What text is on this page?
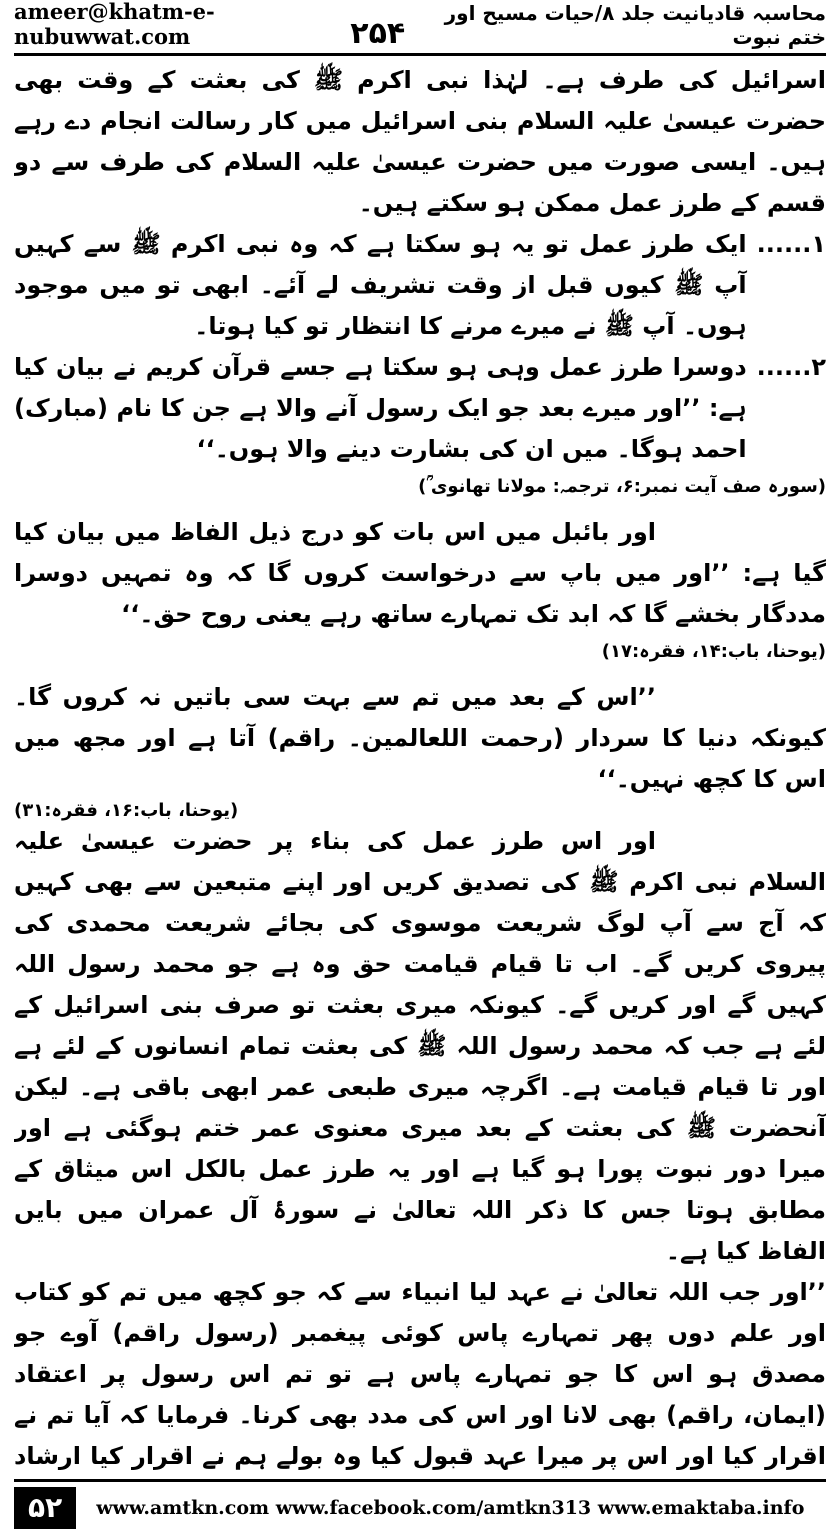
ameer@khatm-e-nubuwwat.com	۲۵۴
محاسبہ قادیانیت جلد ۸/حیات مسیح اور ختم نبوت

اسرائیل کی طرف ہے۔ لہٰذا نبی اکرم ﷺ کی بعثت کے وقت بھی حضرت عیسیٰ علیہ السلام بنی اسرائیل میں کار رسالت انجام دے رہے ہیں۔ ایسی صورت میں حضرت عیسیٰ علیہ السلام کی طرف سے دو قسم کے طرز عمل ممکن ہو سکتے ہیں۔

۱......

ایک طرز عمل تو یہ ہو سکتا ہے کہ وہ نبی اکرم ﷺ سے کہیں آپ ﷺ کیوں قبل از وقت تشریف لے آئے۔ ابھی تو میں موجود ہوں۔ آپ ﷺ نے میرے مرنے کا انتظار تو کیا ہوتا۔

۲......

دوسرا طرز عمل وہی ہو سکتا ہے جسے قرآن کریم نے بیان کیا ہے: ’’اور میرے بعد جو ایک رسول آنے والا ہے جن کا نام (مبارک) احمد ہوگا۔ میں ان کی بشارت دینے والا ہوں۔‘‘

(سورہ صف آیت نمبر:۶، ترجمہ: مولانا تھانوی ؒ)

اور بائبل میں اس بات کو درج ذیل الفاظ میں بیان کیا گیا ہے: ’’اور میں باپ سے درخواست کروں گا کہ وہ تمہیں دوسرا مددگار بخشے گا کہ ابد تک تمہارے ساتھ رہے یعنی روح حق۔‘‘

(یوحنا، باب:۱۴، فقرہ:۱۷)

’’اس کے بعد میں تم سے بہت سی باتیں نہ کروں گا۔ کیونکہ دنیا کا سردار (رحمت اللعالمین۔ راقم) آتا ہے اور مجھ میں اس کا کچھ نہیں۔‘‘

(یوحنا، باب:۱۶، فقرہ:۳۱)

اور اس طرز عمل کی بناء پر حضرت عیسیٰ علیہ السلام نبی اکرم ﷺ کی تصدیق کریں اور اپنے متبعین سے بھی کہیں کہ آج سے آپ لوگ شریعت موسوی کی بجائے شریعت محمدی کی پیروی کریں گے۔ اب تا قیام قیامت حق وہ ہے جو محمد رسول اللہ کہیں گے اور کریں گے۔ کیونکہ میری بعثت تو صرف بنی اسرائیل کے لئے ہے جب کہ محمد رسول اللہ ﷺ کی بعثت تمام انسانوں کے لئے ہے اور تا قیام قیامت ہے۔ اگرچہ میری طبعی عمر ابھی باقی ہے۔ لیکن آنحضرت ﷺ کی بعثت کے بعد میری معنوی عمر ختم ہوگئی ہے اور میرا دور نبوت پورا ہو گیا ہے اور یہ طرز عمل بالکل اس میثاق کے مطابق ہوتا جس کا ذکر اللہ تعالیٰ نے سورۂ آل عمران میں بایں الفاظ کیا ہے۔

’’اور جب اللہ تعالیٰ نے عہد لیا انبیاء سے کہ جو کچھ میں تم کو کتاب اور علم دوں پھر تمہارے پاس کوئی پیغمبر (رسول راقم) آوے جو مصدق ہو اس کا جو تمہارے پاس ہے تو تم اس رسول پر اعتقاد (ایمان، راقم) بھی لانا اور اس کی مدد بھی کرنا۔ فرمایا کہ آیا تم نے اقرار کیا اور اس پر میرا عہد قبول کیا وہ بولے ہم نے اقرار کیا ارشاد

۵۲	www.amtkn.com www.facebook.com/amtkn313 www.emaktaba.info
